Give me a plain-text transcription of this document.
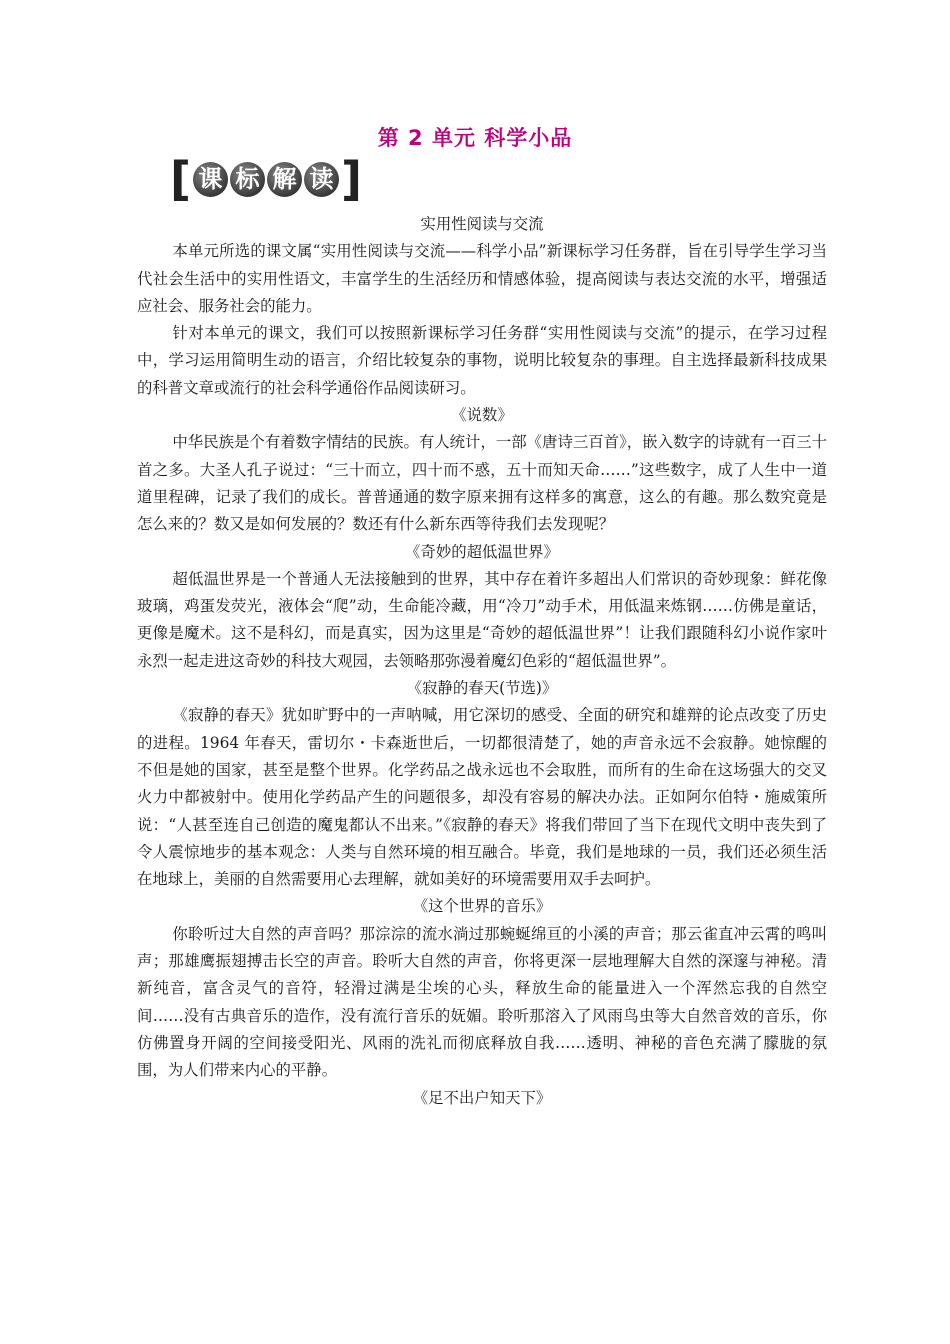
第 2 单元 科学小品
[ 课 标 解 读 ]

实用性阅读与交流

本单元所选的课文属“实用性阅读与交流——科学小品”新课标学习任务群，旨在引导学生学习当代社会生活中的实用性语文，丰富学生的生活经历和情感体验，提高阅读与表达交流的水平，增强适应社会、服务社会的能力。

针对本单元的课文，我们可以按照新课标学习任务群“实用性阅读与交流”的提示，在学习过程中，学习运用简明生动的语言，介绍比较复杂的事物，说明比较复杂的事理。自主选择最新科技成果的科普文章或流行的社会科学通俗作品阅读研习。

《说数》

中华民族是个有着数字情结的民族。有人统计，一部《唐诗三百首》，嵌入数字的诗就有一百三十首之多。大圣人孔子说过：“三十而立，四十而不惑，五十而知天命……”这些数字，成了人生中一道道里程碑，记录了我们的成长。普普通通的数字原来拥有这样多的寓意，这么的有趣。那么数究竟是怎么来的？数又是如何发展的？数还有什么新东西等待我们去发现呢？

《奇妙的超低温世界》

超低温世界是一个普通人无法接触到的世界，其中存在着许多超出人们常识的奇妙现象：鲜花像玻璃，鸡蛋发荧光，液体会“爬”动，生命能冷藏，用“冷刀”动手术，用低温来炼钢……仿佛是童话，更像是魔术。这不是科幻，而是真实，因为这里是“奇妙的超低温世界”！让我们跟随科幻小说作家叶永烈一起走进这奇妙的科技大观园，去领略那弥漫着魔幻色彩的“超低温世界”。

《寂静的春天(节选)》

《寂静的春天》犹如旷野中的一声呐喊，用它深切的感受、全面的研究和雄辩的论点改变了历史的进程。1964 年春天，雷切尔・卡森逝世后，一切都很清楚了，她的声音永远不会寂静。她惊醒的不但是她的国家，甚至是整个世界。化学药品之战永远也不会取胜，而所有的生命在这场强大的交叉火力中都被射中。使用化学药品产生的问题很多，却没有容易的解决办法。正如阿尔伯特・施威策所说：“人甚至连自己创造的魔鬼都认不出来。”《寂静的春天》将我们带回了当下在现代文明中丧失到了令人震惊地步的基本观念：人类与自然环境的相互融合。毕竟，我们是地球的一员，我们还必须生活在地球上，美丽的自然需要用心去理解，就如美好的环境需要用双手去呵护。

《这个世界的音乐》

你聆听过大自然的声音吗？那淙淙的流水淌过那蜿蜒绵亘的小溪的声音；那云雀直冲云霄的鸣叫声；那雄鹰振翅搏击长空的声音。聆听大自然的声音，你将更深一层地理解大自然的深邃与神秘。清新纯音，富含灵气的音符，轻滑过满是尘埃的心头，释放生命的能量进入一个浑然忘我的自然空间……没有古典音乐的造作，没有流行音乐的妩媚。聆听那溶入了风雨鸟虫等大自然音效的音乐，你仿佛置身开阔的空间接受阳光、风雨的洗礼而彻底释放自我……透明、神秘的音色充满了朦胧的氛围，为人们带来内心的平静。

《足不出户知天下》
